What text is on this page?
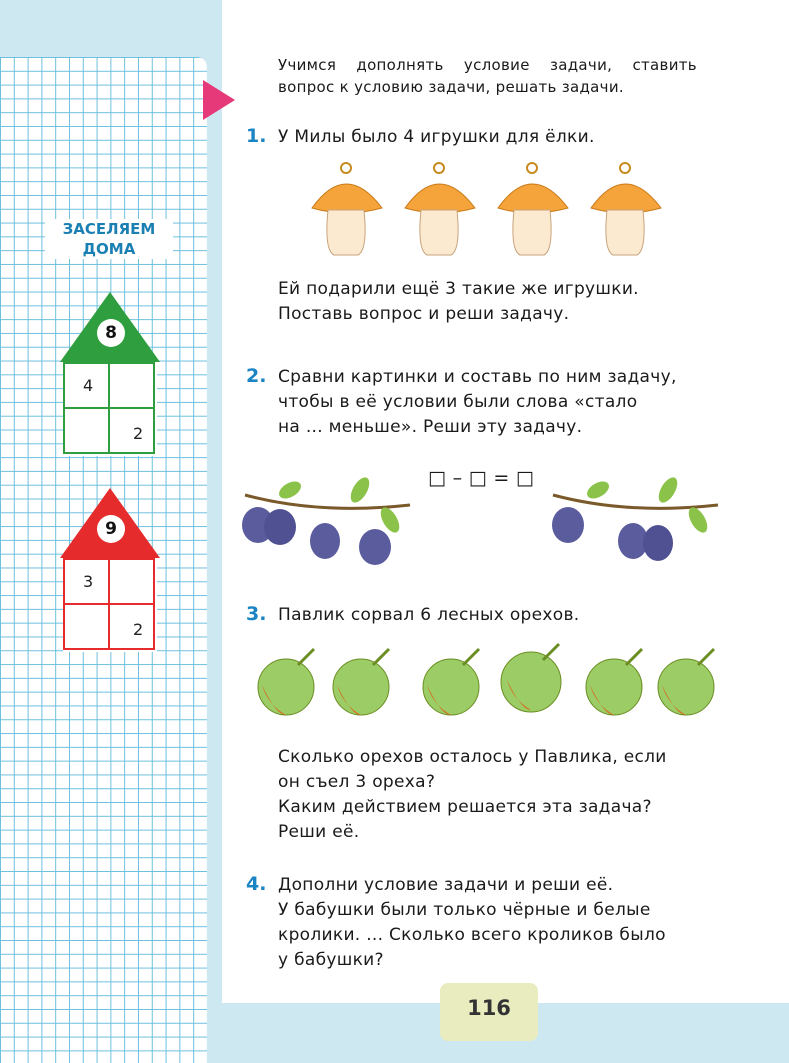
ЗАСЕЛЯЕМ
ДОМА
8
4
2
9
3
2
Учимся    дополнять    условие    задачи,    ставить
вопрос к условию задачи, решать задачи.
1. У Милы было 4 игрушки для ёлки.
Ей подарили ещё 3 такие же игрушки.
Поставь вопрос и реши задачу.
2. Сравни картинки и составь по ним задачу,
чтобы в её условии были слова «стало
на ... меньше». Реши эту задачу.
□ – □ = □
3. Павлик сорвал 6 лесных орехов.
Сколько орехов осталось у Павлика, если
он съел 3 ореха?
Каким действием решается эта задача?
Реши её.
4. Дополни условие задачи и реши её.
У бабушки были только чёрные и белые
кролики. ... Сколько всего кроликов было
у бабушки?
116
